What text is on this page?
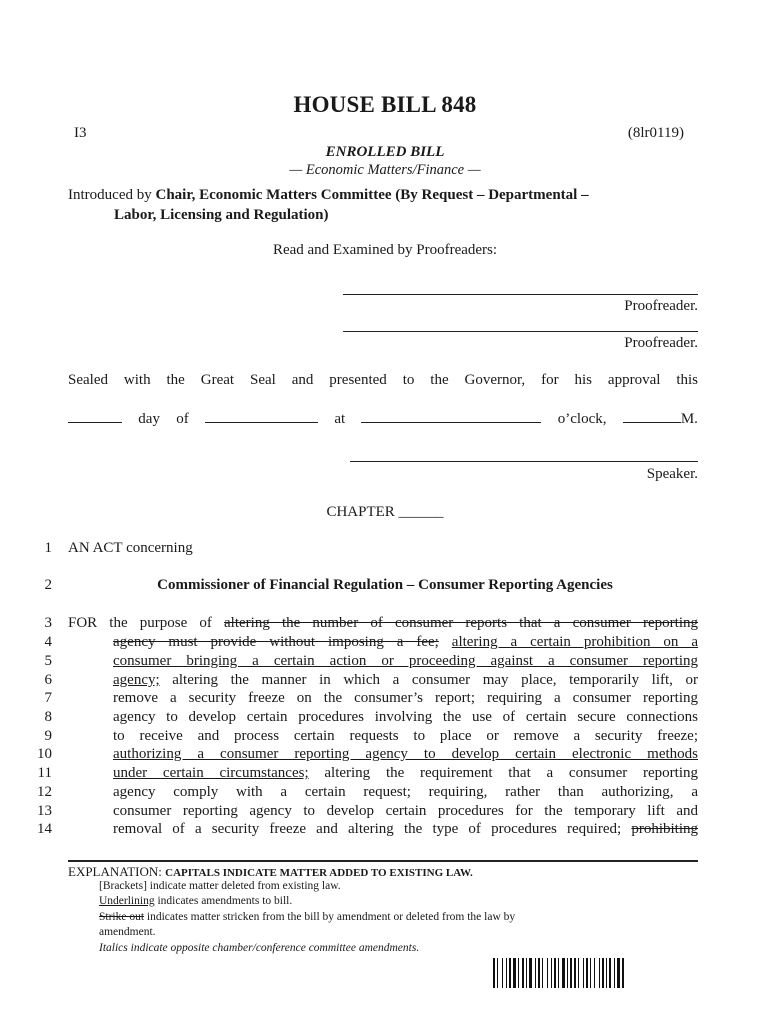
HOUSE BILL 848
I3	(8lr0119)
ENROLLED BILL
— Economic Matters/Finance —
Introduced by Chair, Economic Matters Committee (By Request – Departmental –
Labor, Licensing and Regulation)
Read and Examined by Proofreaders:
Proofreader.
Proofreader.
Sealed with the Great Seal and presented to the Governor, for his approval this
day of	at	o’clock,	M.
Speaker.
CHAPTER ______
1
2
3
4
5
6
7
8
9
10
11
12
13
14
AN ACT concerning
Commissioner of Financial Regulation – Consumer Reporting Agencies
FOR the purpose of altering the number of consumer reports that a consumer reporting
agency must provide without imposing a fee; altering a certain prohibition on a
consumer bringing a certain action or proceeding against a consumer reporting
agency; altering the manner in which a consumer may place, temporarily lift, or
remove a security freeze on the consumer’s report; requiring a consumer reporting
agency to develop certain procedures involving the use of certain secure connections
to receive and process certain requests to place or remove a security freeze;
authorizing a consumer reporting agency to develop certain electronic methods
under certain circumstances; altering the requirement that a consumer reporting
agency comply with a certain request; requiring, rather than authorizing, a
consumer reporting agency to develop certain procedures for the temporary lift and
removal of a security freeze and altering the type of procedures required; prohibiting
EXPLANATION: CAPITALS INDICATE MATTER ADDED TO EXISTING LAW.
[Brackets] indicate matter deleted from existing law.
Underlining indicates amendments to bill.
Strike out indicates matter stricken from the bill by amendment or deleted from the law by
amendment.
Italics indicate opposite chamber/conference committee amendments.
